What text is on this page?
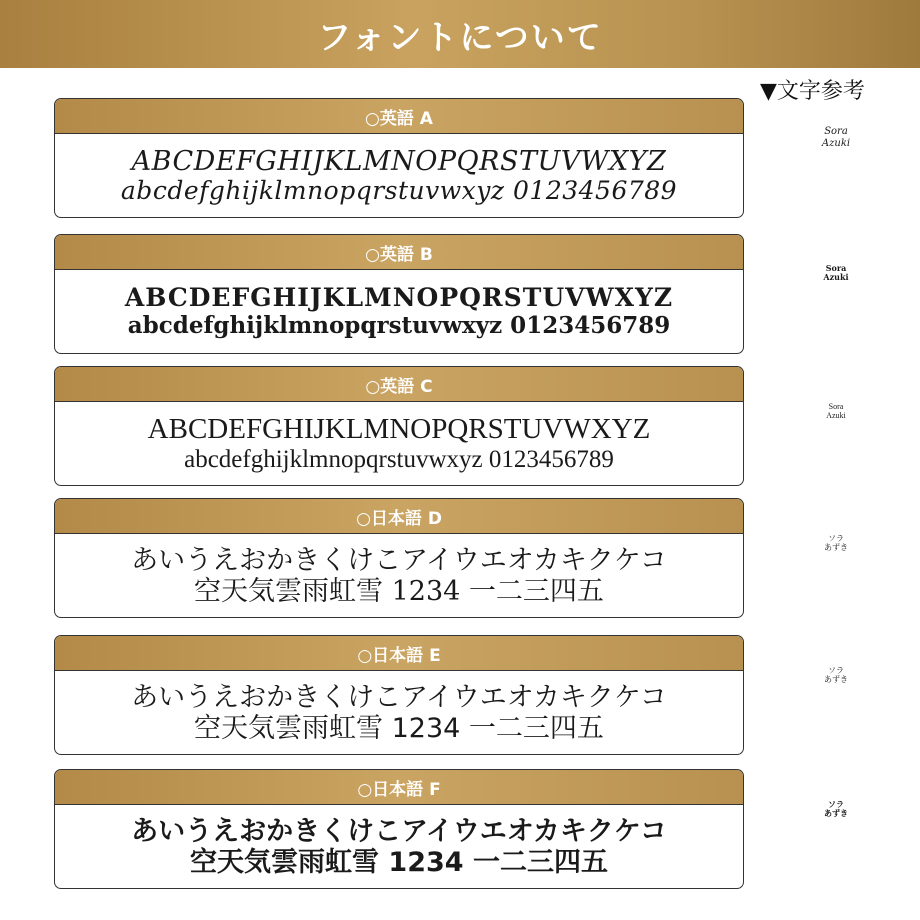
フォントについて
▼文字参考
○英語 A
ABCDEFGHIJKLMNOPQRSTUVWXYZ
abcdefghijklmnopqrstuvwxyz 0123456789
Sora
Azuki
○英語 B
ABCDEFGHIJKLMNOPQRSTUVWXYZ
abcdefghijklmnopqrstuvwxyz 0123456789
Sora
Azuki
○英語 C
ABCDEFGHIJKLMNOPQRSTUVWXYZ
abcdefghijklmnopqrstuvwxyz 0123456789
Sora
Azuki
○日本語 D
あいうえおかきくけこアイウエオカキクケコ
空天気雲雨虹雪 1234 一二三四五
ソラ
あずき
○日本語 E
あいうえおかきくけこアイウエオカキクケコ
空天気雲雨虹雪 1234 一二三四五
ソラ
あずき
○日本語 F
あいうえおかきくけこアイウエオカキクケコ
空天気雲雨虹雪 1234 一二三四五
ソラ
あずき
